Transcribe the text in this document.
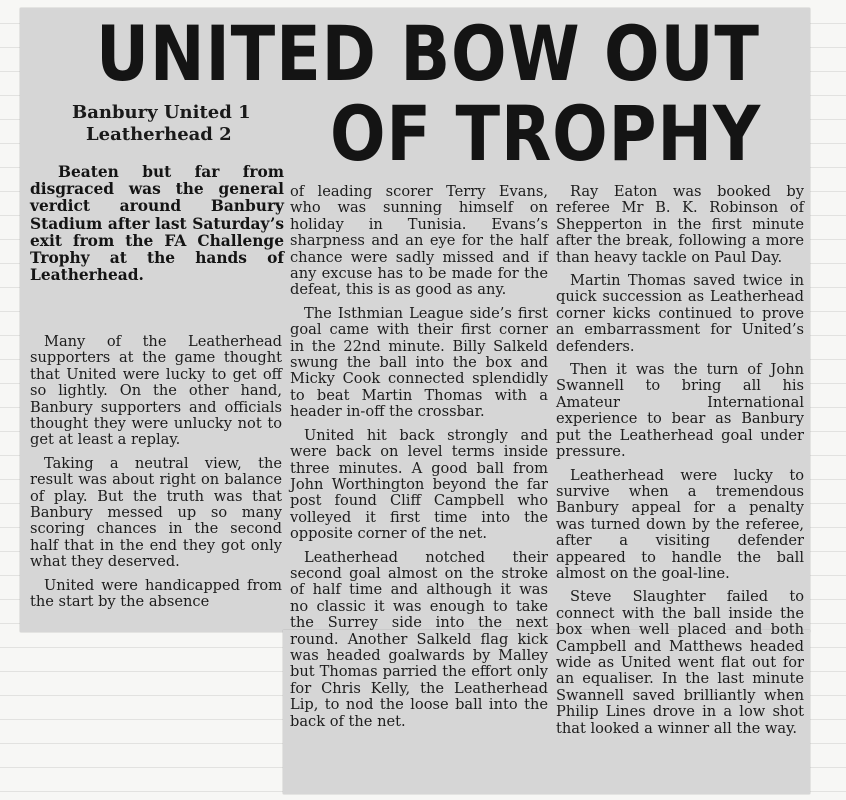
UNITED BOW OUT
OF TROPHY
Banbury United 1
Leatherhead 2

Beaten but far from disgraced was the general verdict around Banbury Stadium after last Saturday’s exit from the FA Challenge Trophy at the hands of Leatherhead.

Many of the Leatherhead supporters at the game thought that United were lucky to get off so lightly. On the other hand, Banbury supporters and officials thought they were unlucky not to get at least a replay.

Taking a neutral view, the result was about right on balance of play. But the truth was that Banbury messed up so many scoring chances in the second half that in the end they got only what they deserved.

United were handicapped from the start by the absence

of leading scorer Terry Evans, who was sunning himself on holiday in Tunisia. Evans’s sharpness and an eye for the half chance were sadly missed and if any excuse has to be made for the defeat, this is as good as any.

The Isthmian League side’s first goal came with their first corner in the 22nd minute. Billy Salkeld swung the ball into the box and Micky Cook connected splendidly to beat Martin Thomas with a header in-off the crossbar.

United hit back strongly and were back on level terms inside three minutes. A good ball from John Worthington beyond the far post found Cliff Campbell who volleyed it first time into the opposite corner of the net.

Leatherhead notched their second goal almost on the stroke of half time and although it was no classic it was enough to take the Surrey side into the next round. Another Salkeld flag kick was headed goalwards by Malley but Thomas parried the effort only for Chris Kelly, the Leatherhead Lip, to nod the loose ball into the back of the net.

Ray Eaton was booked by referee Mr B. K. Robinson of Shepperton in the first minute after the break, following a more than heavy tackle on Paul Day.

Martin Thomas saved twice in quick succession as Leatherhead corner kicks continued to prove an embarrassment for United’s defenders.

Then it was the turn of John Swannell to bring all his Amateur International experience to bear as Banbury put the Leatherhead goal under pressure.

Leatherhead were lucky to survive when a tremendous Banbury appeal for a penalty was turned down by the referee, after a visiting defender appeared to handle the ball almost on the goal-line.

Steve Slaughter failed to connect with the ball inside the box when well placed and both Campbell and Matthews headed wide as United went flat out for an equaliser. In the last minute Swannell saved brilliantly when Philip Lines drove in a low shot that looked a winner all the way.
